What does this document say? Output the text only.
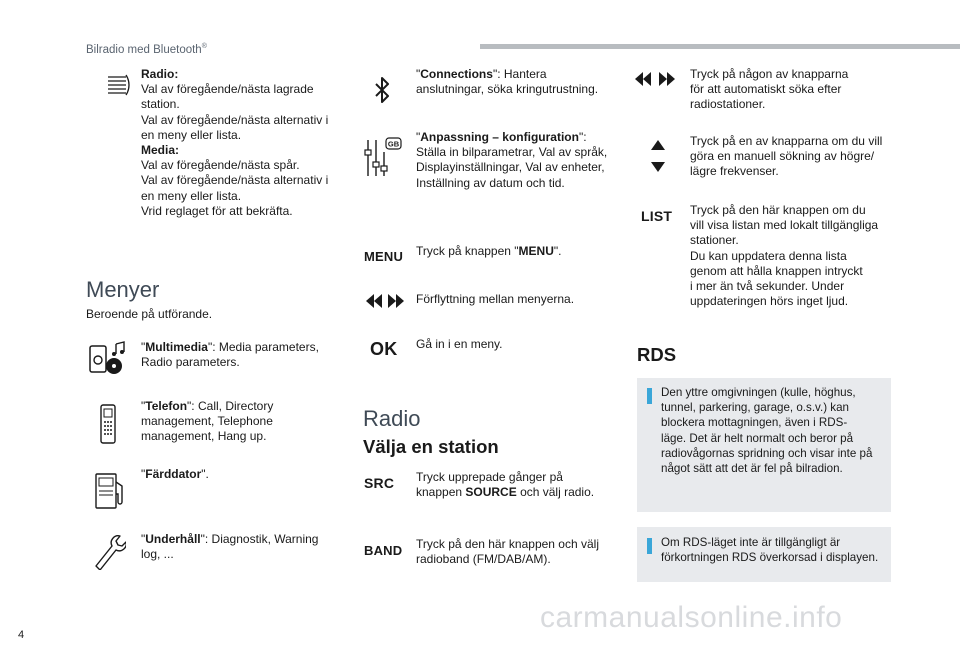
Bilradio med Bluetooth®
Radio:
Val av föregående/nästa lagrade
station.
Val av föregående/nästa alternativ i
en meny eller lista.
Media:
Val av föregående/nästa spår.
Val av föregående/nästa alternativ i
en meny eller lista.
Vrid reglaget för att bekräfta.
Menyer
Beroende på utförande.
"Multimedia": Media parameters,
Radio parameters.
"Telefon": Call, Directory
management, Telephone
management, Hang up.
"Färddator".
"Underhåll": Diagnostik, Warning
log, ...
"Connections": Hantera
anslutningar, söka kringutrustning.
GB "Anpassning – konfiguration":
Ställa in bilparametrar, Val av språk,
Displayinställningar, Val av enheter,
Inställning av datum och tid.
MENU Tryck på knappen "MENU".
Förflyttning mellan menyerna.
OK Gå in i en meny.
Radio
Välja en station
SRC Tryck upprepade gånger på
knappen SOURCE och välj radio.
BAND Tryck på den här knappen och välj
radioband (FM/DAB/AM).
Tryck på någon av knapparna
för att automatiskt söka efter
radiostationer.
Tryck på en av knapparna om du vill
göra en manuell sökning av högre/
lägre frekvenser.
LIST Tryck på den här knappen om du
vill visa listan med lokalt tillgängliga
stationer.
Du kan uppdatera denna lista
genom att hålla knappen intryckt
i mer än två sekunder. Under
uppdateringen hörs inget ljud.
RDS
Den yttre omgivningen (kulle, höghus,
tunnel, parkering, garage, o.s.v.) kan
blockera mottagningen, även i RDS-
läge. Det är helt normalt och beror på
radiovågornas spridning och visar inte på
något sätt att det är fel på bilradion.
Om RDS-läget inte är tillgängligt är
förkortningen RDS överkorsad i displayen.
4
carmanualsonline.info
